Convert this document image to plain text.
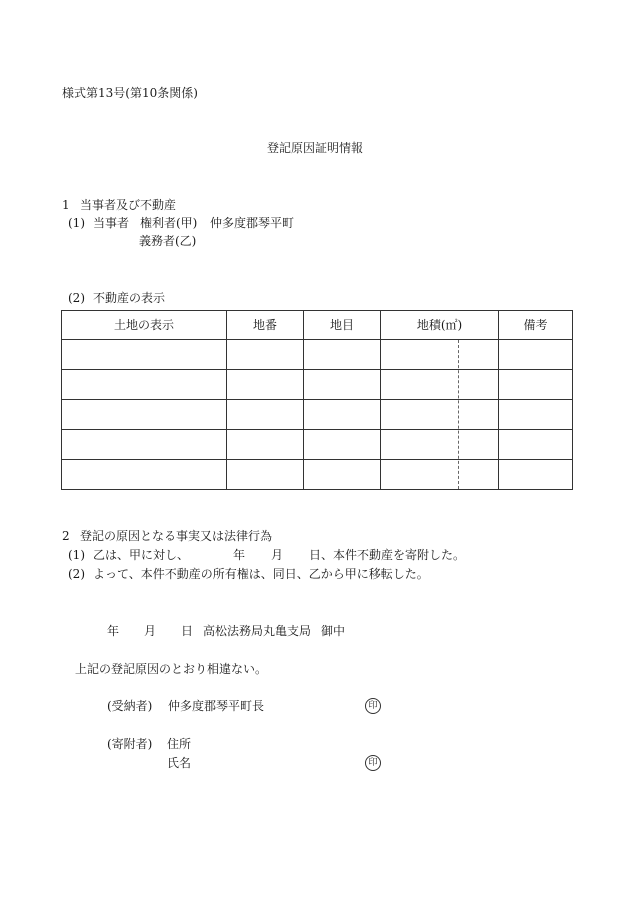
様式第13号(第10条関係)
登記原因証明情報
1 当事者及び不動産
(1) 当事者 権利者(甲) 仲多度郡琴平町
義務者(乙)
(2) 不動産の表示
土地の表示	地番	地目	地積(㎡)	備考

2 登記の原因となる事実又は法律行為
(1) 乙は、甲に対し、	年 月 日、本件不動産を寄附した。
(2) よって、本件不動産の所有権は、同日、乙から甲に移転した。
年 月 日 高松法務局丸亀支局 御中
上記の登記原因のとおり相違ない。
(受納者) 仲多度郡琴平町長	印
(寄附者) 住所
氏名	印
